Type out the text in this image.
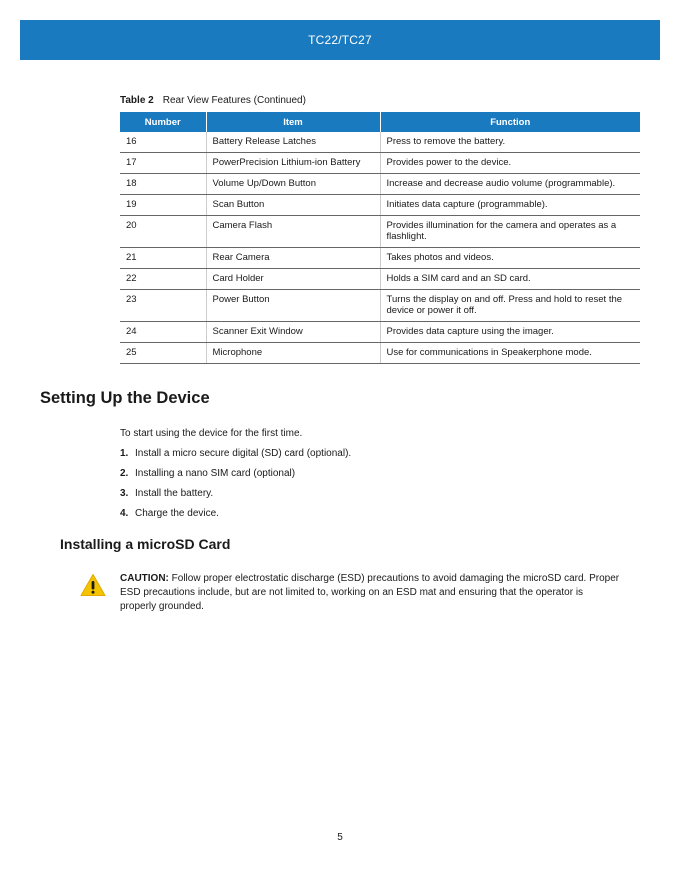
TC22/TC27
Table 2 Rear View Features (Continued)
Number	Item	Function
16	Battery Release Latches	Press to remove the battery.
17	PowerPrecision Lithium-ion Battery	Provides power to the device.
18	Volume Up/Down Button	Increase and decrease audio volume (programmable).
19	Scan Button	Initiates data capture (programmable).
20	Camera Flash	Provides illumination for the camera and operates as a flashlight.
21	Rear Camera	Takes photos and videos.
22	Card Holder	Holds a SIM card and an SD card.
23	Power Button	Turns the display on and off. Press and hold to reset the device or power it off.
24	Scanner Exit Window	Provides data capture using the imager.
25	Microphone	Use for communications in Speakerphone mode.
Setting Up the Device

To start using the device for the first time.

1. Install a micro secure digital (SD) card (optional).
2. Installing a nano SIM card (optional)
3. Install the battery.
4. Charge the device.
Installing a microSD Card

CAUTION: Follow proper electrostatic discharge (ESD) precautions to avoid damaging the microSD card. Proper ESD precautions include, but are not limited to, working on an ESD mat and ensuring that the operator is properly grounded.

5
